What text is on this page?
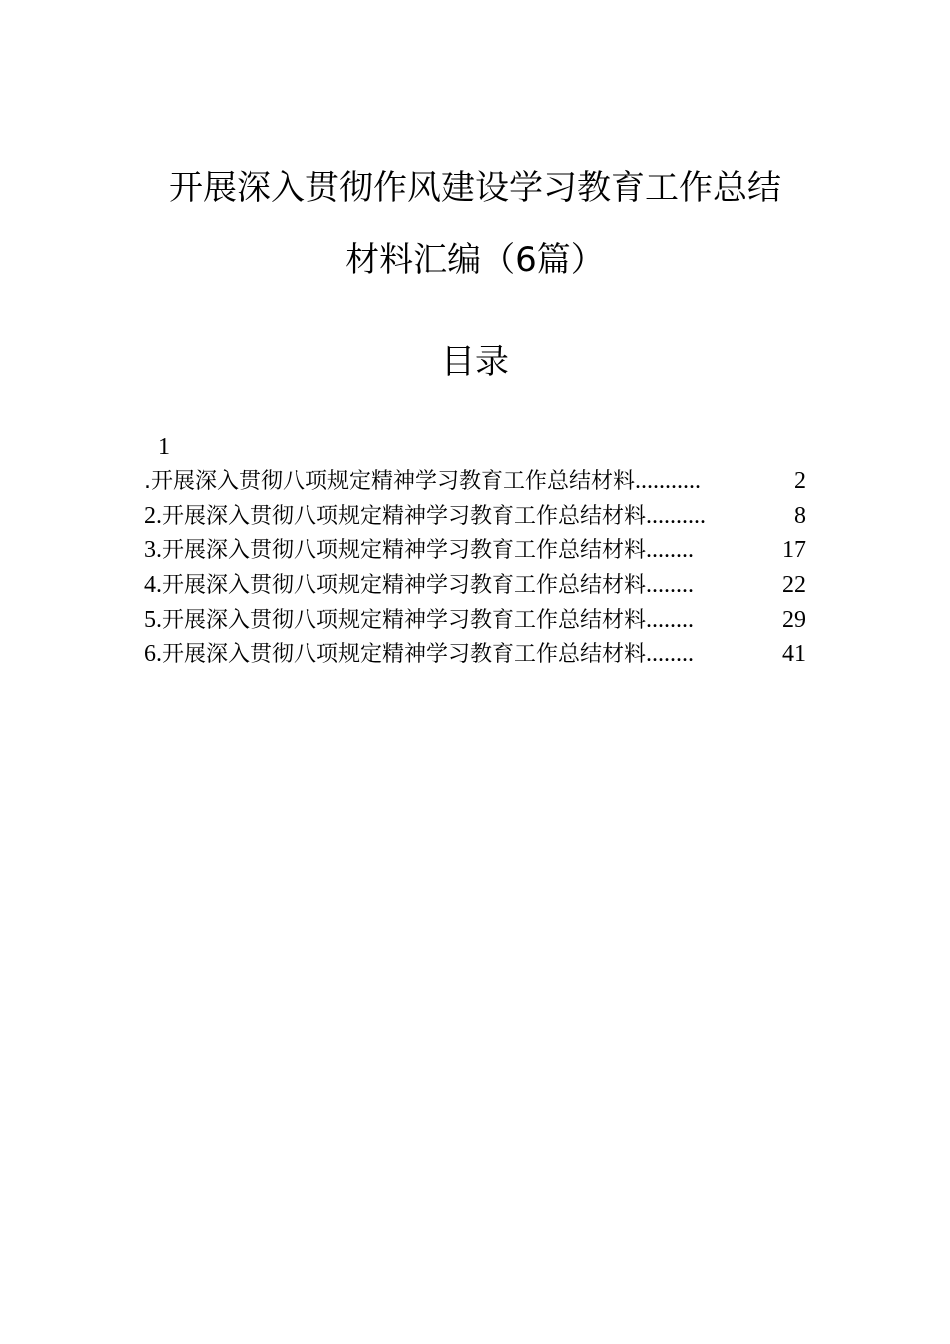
开展深入贯彻作风建设学习教育工作总结
材料汇编（6篇）
目录
1
.开展深入贯彻八项规定精神学习教育工作总结材料 ...........	2
2. 开展深入贯彻八项规定精神学习教育工作总结材料 ..........	8
3. 开展深入贯彻八项规定精神学习教育工作总结材料 ........	17
4. 开展深入贯彻八项规定精神学习教育工作总结材料 ........	22
5. 开展深入贯彻八项规定精神学习教育工作总结材料 ........	29
6. 开展深入贯彻八项规定精神学习教育工作总结材料 ........	41
